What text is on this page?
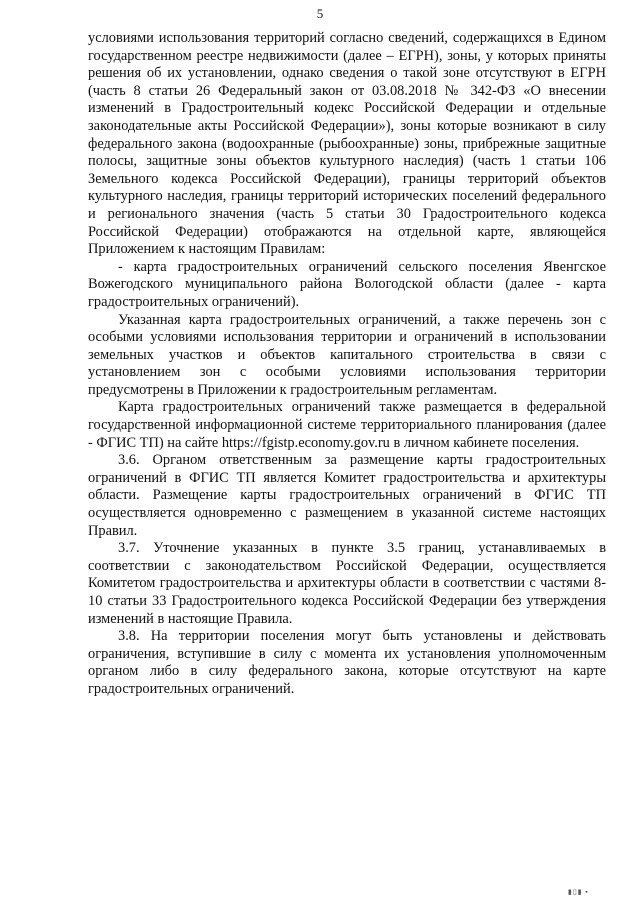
5

условиями использования территорий согласно сведений, содержащихся в Едином государственном реестре недвижимости (далее – ЕГРН), зоны, у которых приняты решения об их установлении, однако сведения о такой зоне отсутствуют в ЕГРН (часть 8 статьи 26 Федеральный закон от 03.08.2018 № 342-ФЗ «О внесении изменений в Градостроительный кодекс Российской Федерации и отдельные законодательные акты Российской Федерации»), зоны которые возникают в силу федерального закона (водоохранные (рыбоохранные) зоны, прибрежные защитные полосы, защитные зоны объектов культурного наследия) (часть 1 статьи 106 Земельного кодекса Российской Федерации), границы территорий объектов культурного наследия, границы территорий исторических поселений федерального и регионального значения (часть 5 статьи 30 Градостроительного кодекса Российской Федерации) отображаются на отдельной карте, являющейся Приложением к настоящим Правилам:

- карта градостроительных ограничений сельского поселения Явенгское Вожегодского муниципального района Вологодской области (далее - карта градостроительных ограничений).

Указанная карта градостроительных ограничений, а также перечень зон с особыми условиями использования территории и ограничений в использовании земельных участков и объектов капитального строительства в связи с установлением зон с особыми условиями использования территории предусмотрены в Приложении к градостроительным регламентам.

Карта градостроительных ограничений также размещается в федеральной государственной информационной системе территориального планирования (далее - ФГИС ТП) на сайте https://fgistp.economy.gov.ru в личном кабинете поселения.

3.6. Органом ответственным за размещение карты градостроительных ограничений в ФГИС ТП является Комитет градостроительства и архитектуры области. Размещение карты градостроительных ограничений в ФГИС ТП осуществляется одновременно с размещением в указанной системе настоящих Правил.

3.7. Уточнение указанных в пункте 3.5 границ, устанавливаемых в соответствии с законодательством Российской Федерации, осуществляется Комитетом градостроительства и архитектуры области в соответствии с частями 8-10 статьи 33 Градостроительного кодекса Российской Федерации без утверждения изменений в настоящие Правила.

3.8. На территории поселения могут быть установлены и действовать ограничения, вступившие в силу с момента их установления уполномоченным органом либо в силу федерального закона, которые отсутствуют на карте градостроительных ограничений.

▮▯▮ ▪
